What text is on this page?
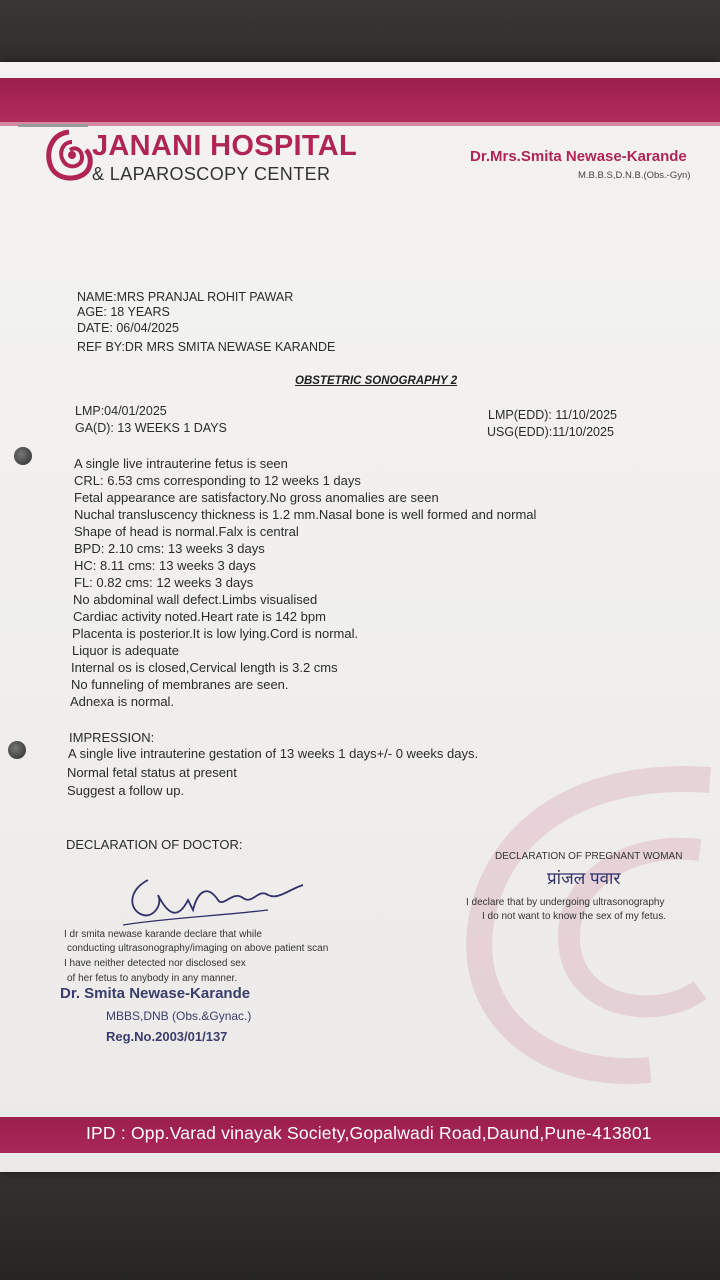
JANANI HOSPITAL
& LAPAROSCOPY CENTER
Dr.Mrs.Smita Newase-Karande
M.B.B.S,D.N.B.(Obs.-Gyn)
NAME:MRS PRANJAL ROHIT PAWAR
AGE: 18 YEARS
DATE: 06/04/2025
REF BY:DR MRS SMITA NEWASE KARANDE
OBSTETRIC SONOGRAPHY 2
LMP:04/01/2025
GA(D): 13 WEEKS 1 DAYS
LMP(EDD): 11/10/2025
USG(EDD):11/10/2025
A single live intrauterine fetus is seen
CRL: 6.53 cms corresponding to 12 weeks 1 days
Fetal appearance are satisfactory.No gross anomalies are seen
Nuchal transluscency thickness is 1.2 mm.Nasal bone is well formed and normal
Shape of head is normal.Falx is central
BPD: 2.10 cms: 13 weeks 3 days
HC: 8.11 cms: 13 weeks 3 days
FL: 0.82 cms: 12 weeks 3 days
No abdominal wall defect.Limbs visualised
Cardiac activity noted.Heart rate is 142 bpm
Placenta is posterior.It is low lying.Cord is normal.
Liquor is adequate
Internal os is closed,Cervical length is 3.2 cms
No funneling of membranes are seen.
Adnexa is normal.
IMPRESSION:
A single live intrauterine gestation of 13 weeks 1 days+/- 0 weeks days.
Normal fetal status at present
Suggest a follow up.
DECLARATION OF DOCTOR:
DECLARATION OF PREGNANT WOMAN
प्रांजल पवार
I declare that by undergoing ultrasonography
I do not want to know the sex of my fetus.
I dr smita newase karande declare that while
conducting ultrasonography/imaging on above patient scan
I have neither detected nor disclosed sex
of her fetus to anybody in any manner.
Dr. Smita Newase-Karande
MBBS,DNB (Obs.&Gynac.)
Reg.No.2003/01/137
IPD : Opp.Varad vinayak Society,Gopalwadi Road,Daund,Pune-413801
